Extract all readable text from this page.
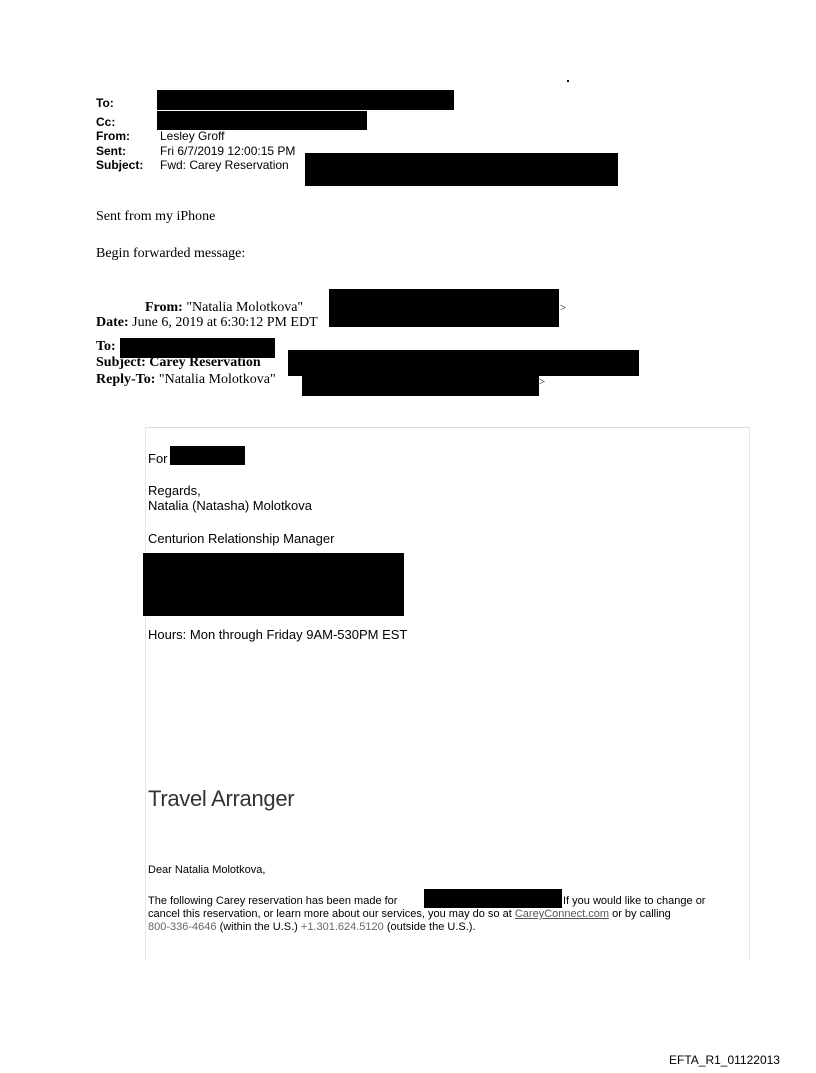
To:
Cc:
From:	Lesley Groff
Sent:	Fri 6/7/2019 12:00:15 PM
Subject: Fwd: Carey Reservation
Sent from my iPhone
Begin forwarded message:
From: "Natalia Molotkova"	>
Date: June 6, 2019 at 6:30:12 PM EDT
To:
Subject: Carey Reservation
Reply-To: "Natalia Molotkova"	>
For
Regards,
Natalia (Natasha) Molotkova
Centurion Relationship Manager
Hours: Mon through Friday 9AM-530PM EST
Travel Arranger
Dear Natalia Molotkova,
The following Carey reservation has been made for	If you would like to change or
cancel this reservation, or learn more about our services, you may do so at CareyConnect.com or by calling
800-336-4646 (within the U.S.) +1.301.624.5120 (outside the U.S.).
EFTA_R1_01122013
